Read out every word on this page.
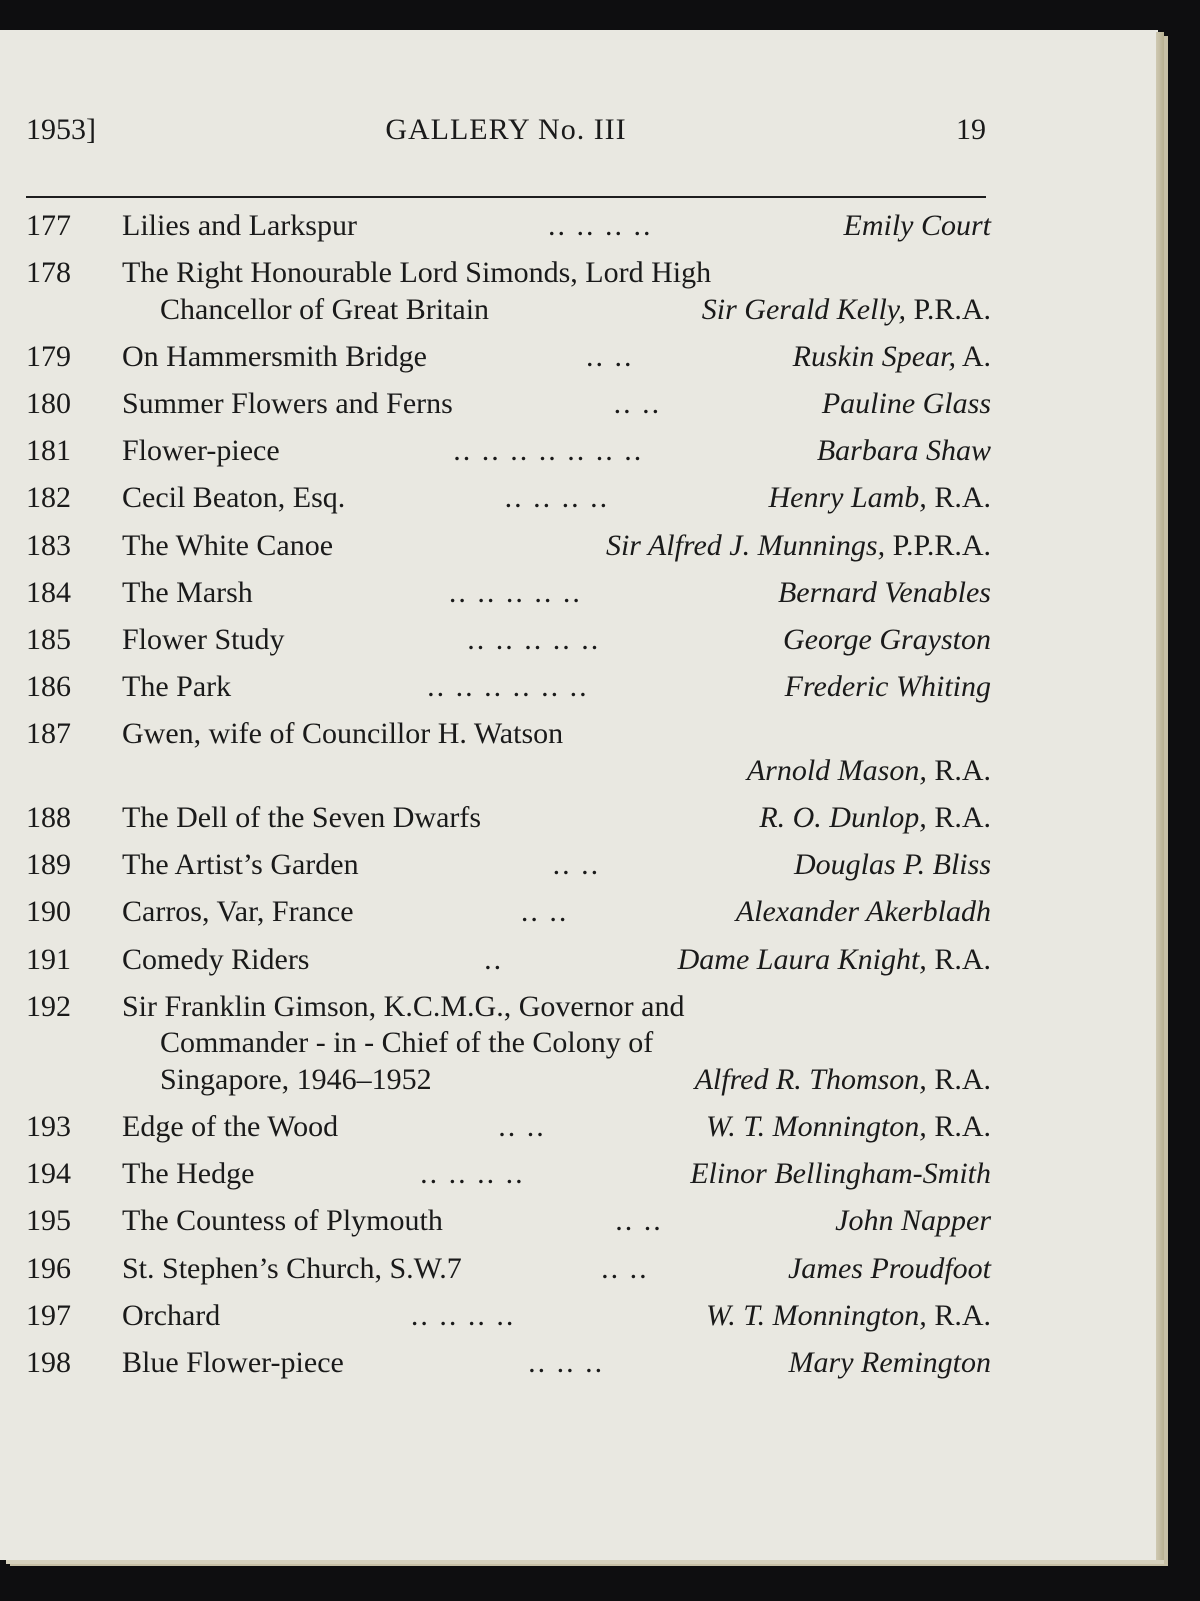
GALLERY No. III
1953]	19
177	Lilies and Larkspur	.. .. .. ..	Emily Court
178	The Right Honourable Lord Simonds, Lord High
Chancellor of Great Britain	Sir Gerald Kelly, P.R.A.
179	On Hammersmith Bridge	.. ..	Ruskin Spear, A.
180	Summer Flowers and Ferns	.. ..	Pauline Glass
181	Flower-piece	.. .. .. .. .. .. ..	Barbara Shaw
182	Cecil Beaton, Esq.	.. .. .. ..	Henry Lamb, R.A.
183	The White Canoe	Sir Alfred J. Munnings, P.P.R.A.
184	The Marsh	.. .. .. .. ..	Bernard Venables
185	Flower Study	.. .. .. .. ..	George Grayston
186	The Park	.. .. .. .. .. ..	Frederic Whiting
187	Gwen, wife of Councillor H. Watson
Arnold Mason, R.A.
188	The Dell of the Seven Dwarfs	R. O. Dunlop, R.A.
189	The Artist’s Garden	.. ..	Douglas P. Bliss
190	Carros, Var, France	.. ..	Alexander Akerbladh
191	Comedy Riders	..	Dame Laura Knight, R.A.
192	Sir Franklin Gimson, K.C.M.G., Governor and
Commander - in - Chief of the Colony of
Singapore, 1946–1952	Alfred R. Thomson, R.A.
193	Edge of the Wood	.. ..	W. T. Monnington, R.A.
194	The Hedge	.. .. .. ..	Elinor Bellingham-Smith
195	The Countess of Plymouth	.. ..	John Napper
196	St. Stephen’s Church, S.W.7	.. ..	James Proudfoot
197	Orchard	.. .. .. ..	W. T. Monnington, R.A.
198	Blue Flower-piece	.. .. ..	Mary Remington
